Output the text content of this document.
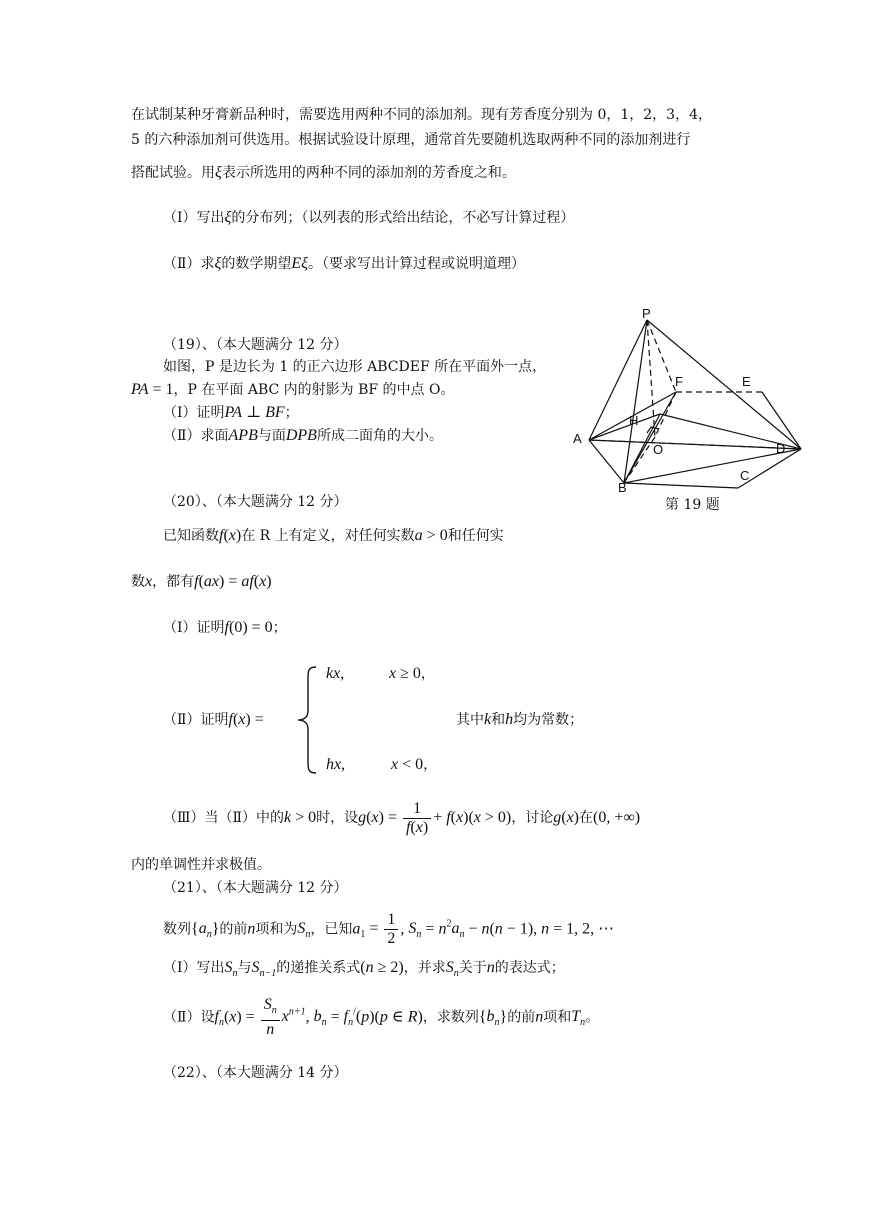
在试制某种牙膏新品种时，需要选用两种不同的添加剂。现有芳香度分别为 0，1，2，3，4，
5 的六种添加剂可供选用。根据试验设计原理，通常首先要随机选取两种不同的添加剂进行
搭配试验。用ξ表示所选用的两种不同的添加剂的芳香度之和。
（Ⅰ）写出ξ的分布列；（以列表的形式给出结论，不必写计算过程）
（Ⅱ）求ξ的数学期望Eξ。（要求写出计算过程或说明道理）
（19）、（本大题满分 12 分）
如图，P 是边长为 1 的正六边形 ABCDEF 所在平面外一点，
PA = 1，P 在平面 ABC 内的射影为 BF 的中点 O。
（Ⅰ）证明PA ⊥ BF；
（Ⅱ）求面APB与面DPB所成二面角的大小。
P
F	E
H
A
O	D
C
B
第 19 题
（20）、（本大题满分 12 分）
已知函数f(x)在 R 上有定义，对任何实数a > 0和任何实
数x，都有f(ax) = af(x)
（Ⅰ）证明f(0) = 0；
（Ⅱ）证明f(x) =
kx,	x ≥ 0，
hx,	x < 0，
其中k和h均为常数；
（Ⅲ）当（Ⅱ）中的k > 0时，设$g(x) = \frac{1}{f(x)} + f(x)(x > 0)$，讨论g(x)在(0, +∞)
内的单调性并求极值。
（21）、（本大题满分 12 分）
数列$\{a_n\}$的前n项和为$S_n$，已知$a_1 = \frac{1}{2}$ , $S_n = n^2a_n - n(n - 1)$, n = 1, 2, ⋯
（Ⅰ）写出$S_n$与$S_{n-1}$的递推关系式(n ≥ 2)，并求$S_n$关于n的表达式；
（Ⅱ）设$f_n(x) = \frac{S_n}{n} x^{n+1}$, $b_n = f_n^/(p)(p$ ∈ R)，求数列$\{b_n\}$的前n项和$T_n$。
（22）、（本大题满分 14 分）
